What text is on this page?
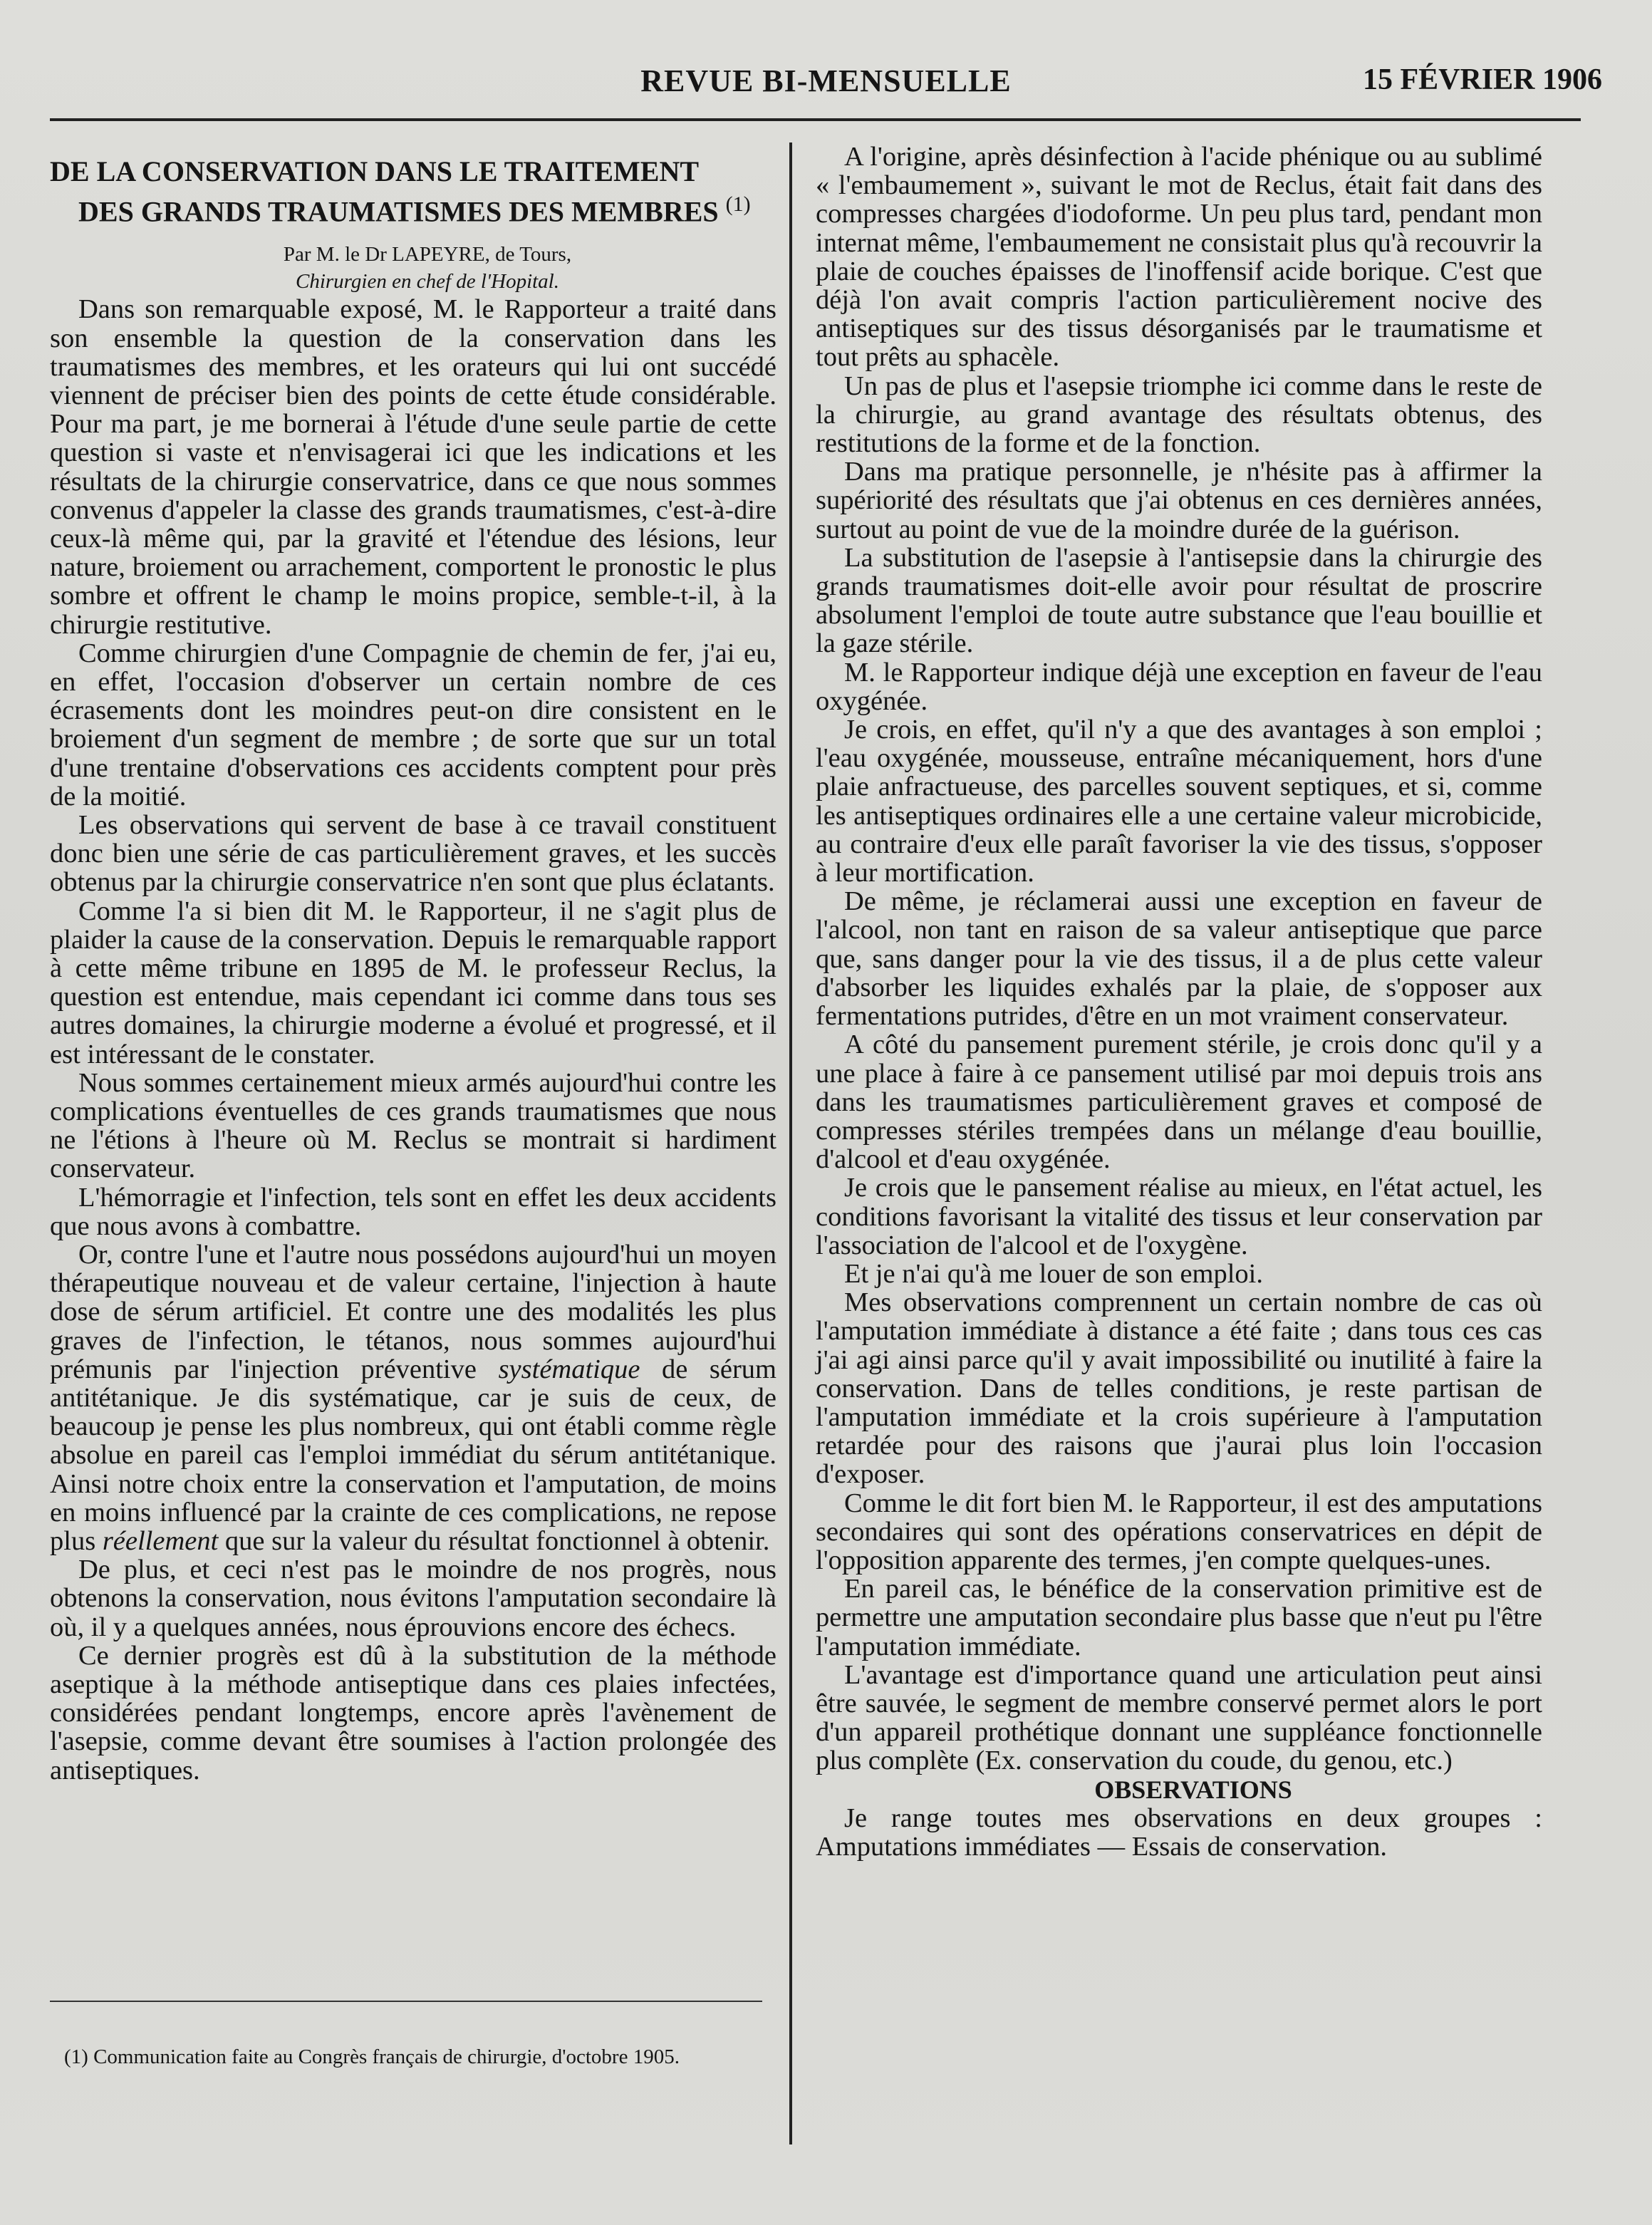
REVUE BI-MENSUELLE	15 FÉVRIER 1906
DE LA CONSERVATION DANS LE TRAITEMENT
DES GRANDS TRAUMATISMES DES MEMBRES $^{(1)}$

Par M. le Dr LAPEYRE, de Tours,

Chirurgien en chef de l'Hopital.

Dans son remarquable exposé, M. le Rapporteur a traité dans son ensemble la question de la conservation dans les traumatismes des membres, et les orateurs qui lui ont succédé viennent de préciser bien des points de cette étude considérable. Pour ma part, je me bornerai à l'étude d'une seule partie de cette question si vaste et n'envisagerai ici que les indications et les résultats de la chirurgie conservatrice, dans ce que nous sommes convenus d'appeler la classe des grands traumatismes, c'est-à-dire ceux-là même qui, par la gravité et l'étendue des lésions, leur nature, broiement ou arrachement, comportent le pronostic le plus sombre et offrent le champ le moins propice, semble-t-il, à la chirurgie restitutive.

Comme chirurgien d'une Compagnie de chemin de fer, j'ai eu, en effet, l'occasion d'observer un certain nombre de ces écrasements dont les moindres peut-on dire consistent en le broiement d'un segment de membre ; de sorte que sur un total d'une trentaine d'observations ces accidents comptent pour près de la moitié.

Les observations qui servent de base à ce travail constituent donc bien une série de cas particulièrement graves, et les succès obtenus par la chirurgie conservatrice n'en sont que plus éclatants.

Comme l'a si bien dit M. le Rapporteur, il ne s'agit plus de plaider la cause de la conservation. Depuis le remarquable rapport à cette même tribune en 1895 de M. le professeur Reclus, la question est entendue, mais cependant ici comme dans tous ses autres domaines, la chirurgie moderne a évolué et progressé, et il est intéressant de le constater.

Nous sommes certainement mieux armés aujourd'hui contre les complications éventuelles de ces grands traumatismes que nous ne l'étions à l'heure où M. Reclus se montrait si hardiment conservateur.

L'hémorragie et l'infection, tels sont en effet les deux accidents que nous avons à combattre.

Or, contre l'une et l'autre nous possédons aujourd'hui un moyen thérapeutique nouveau et de valeur certaine, l'injection à haute dose de sérum artificiel. Et contre une des modalités les plus graves de l'infection, le tétanos, nous sommes aujourd'hui prémunis par l'injection préventive systématique de sérum antitétanique. Je dis systématique, car je suis de ceux, de beaucoup je pense les plus nombreux, qui ont établi comme règle absolue en pareil cas l'emploi immédiat du sérum antitétanique. Ainsi notre choix entre la conservation et l'amputation, de moins en moins influencé par la crainte de ces complications, ne repose plus réellement que sur la valeur du résultat fonctionnel à obtenir.

De plus, et ceci n'est pas le moindre de nos progrès, nous obtenons la conservation, nous évitons l'amputation secondaire là où, il y a quelques années, nous éprouvions encore des échecs.

Ce dernier progrès est dû à la substitution de la méthode aseptique à la méthode antiseptique dans ces plaies infectées, considérées pendant longtemps, encore après l'avènement de l'asepsie, comme devant être soumises à l'action prolongée des antiseptiques.

(1) Communication faite au Congrès français de chirurgie, d'octobre 1905.

A l'origine, après désinfection à l'acide phénique ou au sublimé « l'embaumement », suivant le mot de Reclus, était fait dans des compresses chargées d'iodoforme. Un peu plus tard, pendant mon internat même, l'embaumement ne consistait plus qu'à recouvrir la plaie de couches épaisses de l'inoffensif acide borique. C'est que déjà l'on avait compris l'action particulièrement nocive des antiseptiques sur des tissus désorganisés par le traumatisme et tout prêts au sphacèle.

Un pas de plus et l'asepsie triomphe ici comme dans le reste de la chirurgie, au grand avantage des résultats obtenus, des restitutions de la forme et de la fonction.

Dans ma pratique personnelle, je n'hésite pas à affirmer la supériorité des résultats que j'ai obtenus en ces dernières années, surtout au point de vue de la moindre durée de la guérison.

La substitution de l'asepsie à l'antisepsie dans la chirurgie des grands traumatismes doit-elle avoir pour résultat de proscrire absolument l'emploi de toute autre substance que l'eau bouillie et la gaze stérile.

M. le Rapporteur indique déjà une exception en faveur de l'eau oxygénée.

Je crois, en effet, qu'il n'y a que des avantages à son emploi ; l'eau oxygénée, mousseuse, entraîne mécaniquement, hors d'une plaie anfractueuse, des parcelles souvent septiques, et si, comme les antiseptiques ordinaires elle a une certaine valeur microbicide, au contraire d'eux elle paraît favoriser la vie des tissus, s'opposer à leur mortification.

De même, je réclamerai aussi une exception en faveur de l'alcool, non tant en raison de sa valeur antiseptique que parce que, sans danger pour la vie des tissus, il a de plus cette valeur d'absorber les liquides exhalés par la plaie, de s'opposer aux fermentations putrides, d'être en un mot vraiment conservateur.

A côté du pansement purement stérile, je crois donc qu'il y a une place à faire à ce pansement utilisé par moi depuis trois ans dans les traumatismes particulièrement graves et composé de compresses stériles trempées dans un mélange d'eau bouillie, d'alcool et d'eau oxygénée.

Je crois que le pansement réalise au mieux, en l'état actuel, les conditions favorisant la vitalité des tissus et leur conservation par l'association de l'alcool et de l'oxygène.

Et je n'ai qu'à me louer de son emploi.

Mes observations comprennent un certain nombre de cas où l'amputation immédiate à distance a été faite ; dans tous ces cas j'ai agi ainsi parce qu'il y avait impossibilité ou inutilité à faire la conservation. Dans de telles conditions, je reste partisan de l'amputation immédiate et la crois supérieure à l'amputation retardée pour des raisons que j'aurai plus loin l'occasion d'exposer.

Comme le dit fort bien M. le Rapporteur, il est des amputations secondaires qui sont des opérations conservatrices en dépit de l'opposition apparente des termes, j'en compte quelques-unes.

En pareil cas, le bénéfice de la conservation primitive est de permettre une amputation secondaire plus basse que n'eut pu l'être l'amputation immédiate.

L'avantage est d'importance quand une articulation peut ainsi être sauvée, le segment de membre conservé permet alors le port d'un appareil prothétique donnant une suppléance fonctionnelle plus complète (Ex. conservation du coude, du genou, etc.)

OBSERVATIONS

Je range toutes mes observations en deux groupes : Amputations immédiates — Essais de conservation.
